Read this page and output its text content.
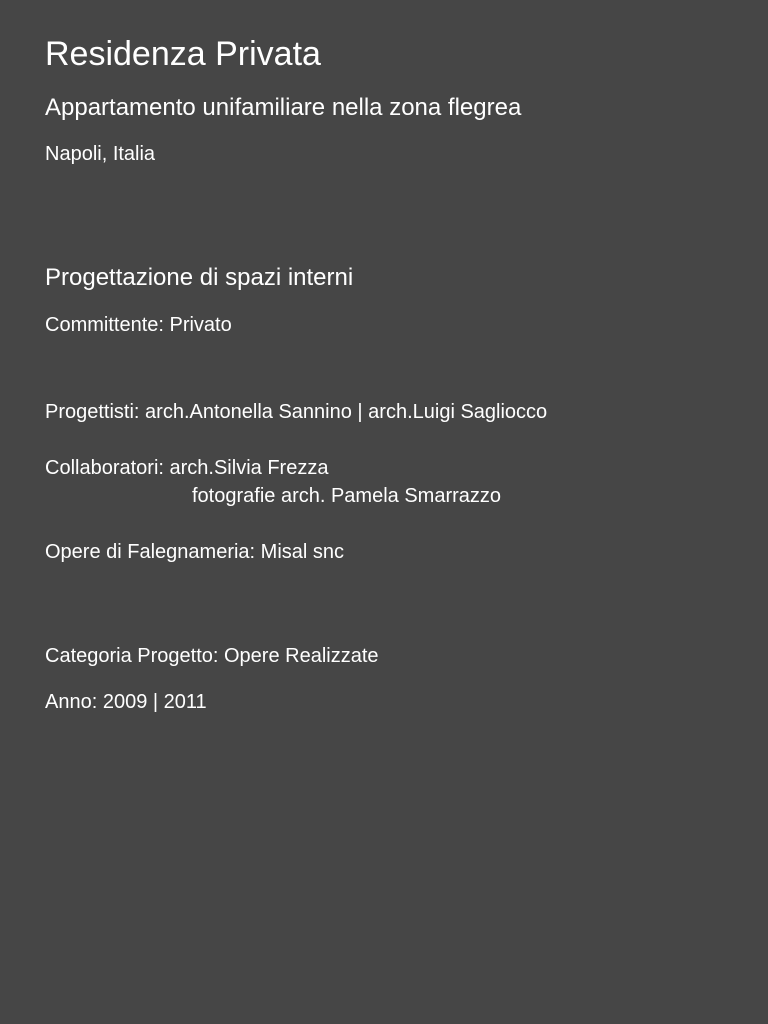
Residenza Privata
Appartamento unifamiliare nella zona flegrea

Napoli, Italia

Progettazione di spazi interni

Committente: Privato

Progettisti: arch.Antonella Sannino | arch.Luigi Sagliocco

Collaboratori: arch.Silvia Frezza

fotografie arch. Pamela Smarrazzo

Opere di Falegnameria: Misal snc

Categoria Progetto: Opere Realizzate

Anno: 2009 | 2011
